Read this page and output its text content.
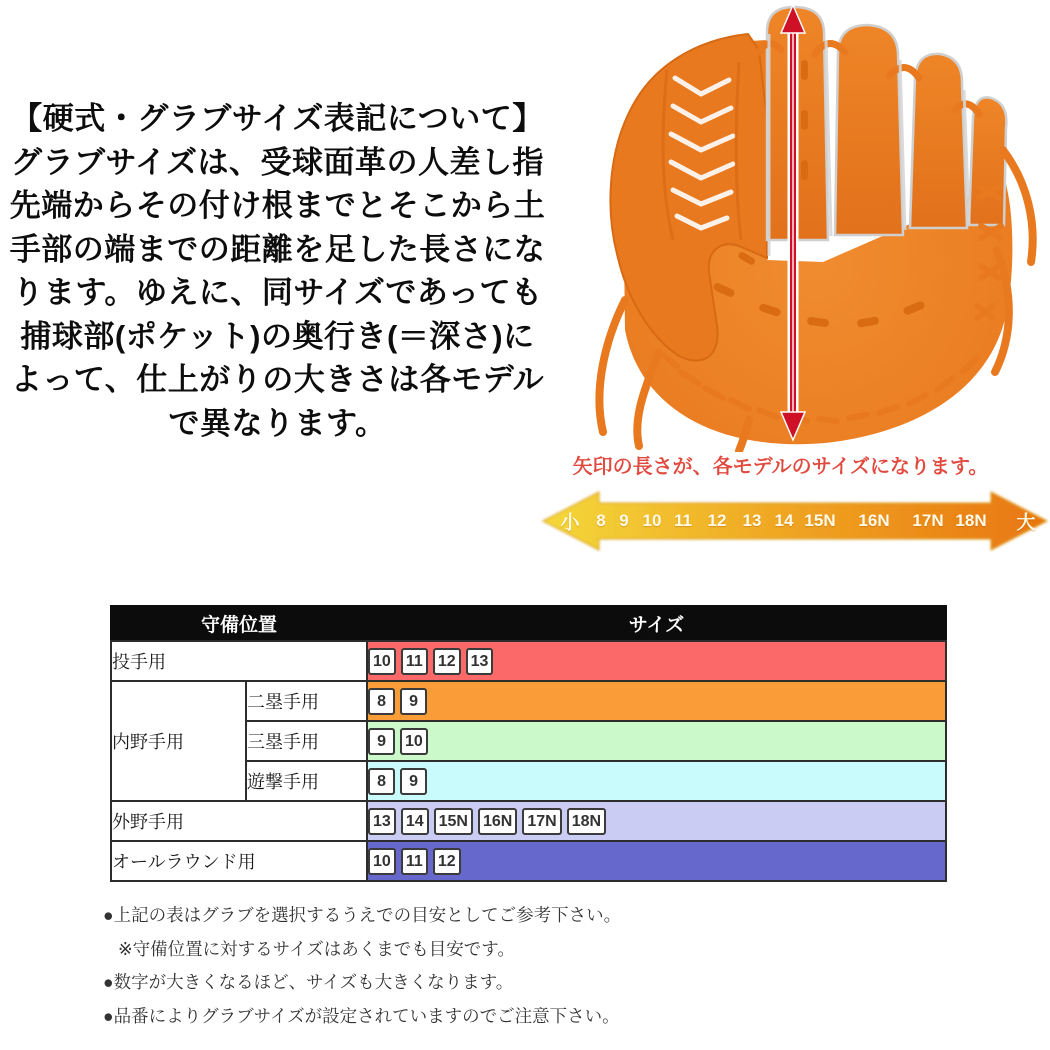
【硬式・グラブサイズ表記について】
グラブサイズは、受球面革の人差し指
先端からその付け根までとそこから土
手部の端までの距離を足した長さにな
ります。ゆえに、同サイズであっても
捕球部(ポケット)の奥行き(＝深さ)に
よって、仕上がりの大きさは各モデル
で異なります。
矢印の長さが、各モデルのサイズになります。
小 8 9 10 11 12 13 14 15N 16N 17N 18N 大
守備位置		サイズ
投手用		10 11 12 13
内野手用	二塁手用	8 9
	三塁手用	9 10
	遊撃手用	8 9
外野手用		13 14 15N 16N 17N 18N
オールラウンド用		10 11 12
●上記の表はグラブを選択するうえでの目安としてご参考下さい。
※守備位置に対するサイズはあくまでも目安です。
●数字が大きくなるほど、サイズも大きくなります。
●品番によりグラブサイズが設定されていますのでご注意下さい。
